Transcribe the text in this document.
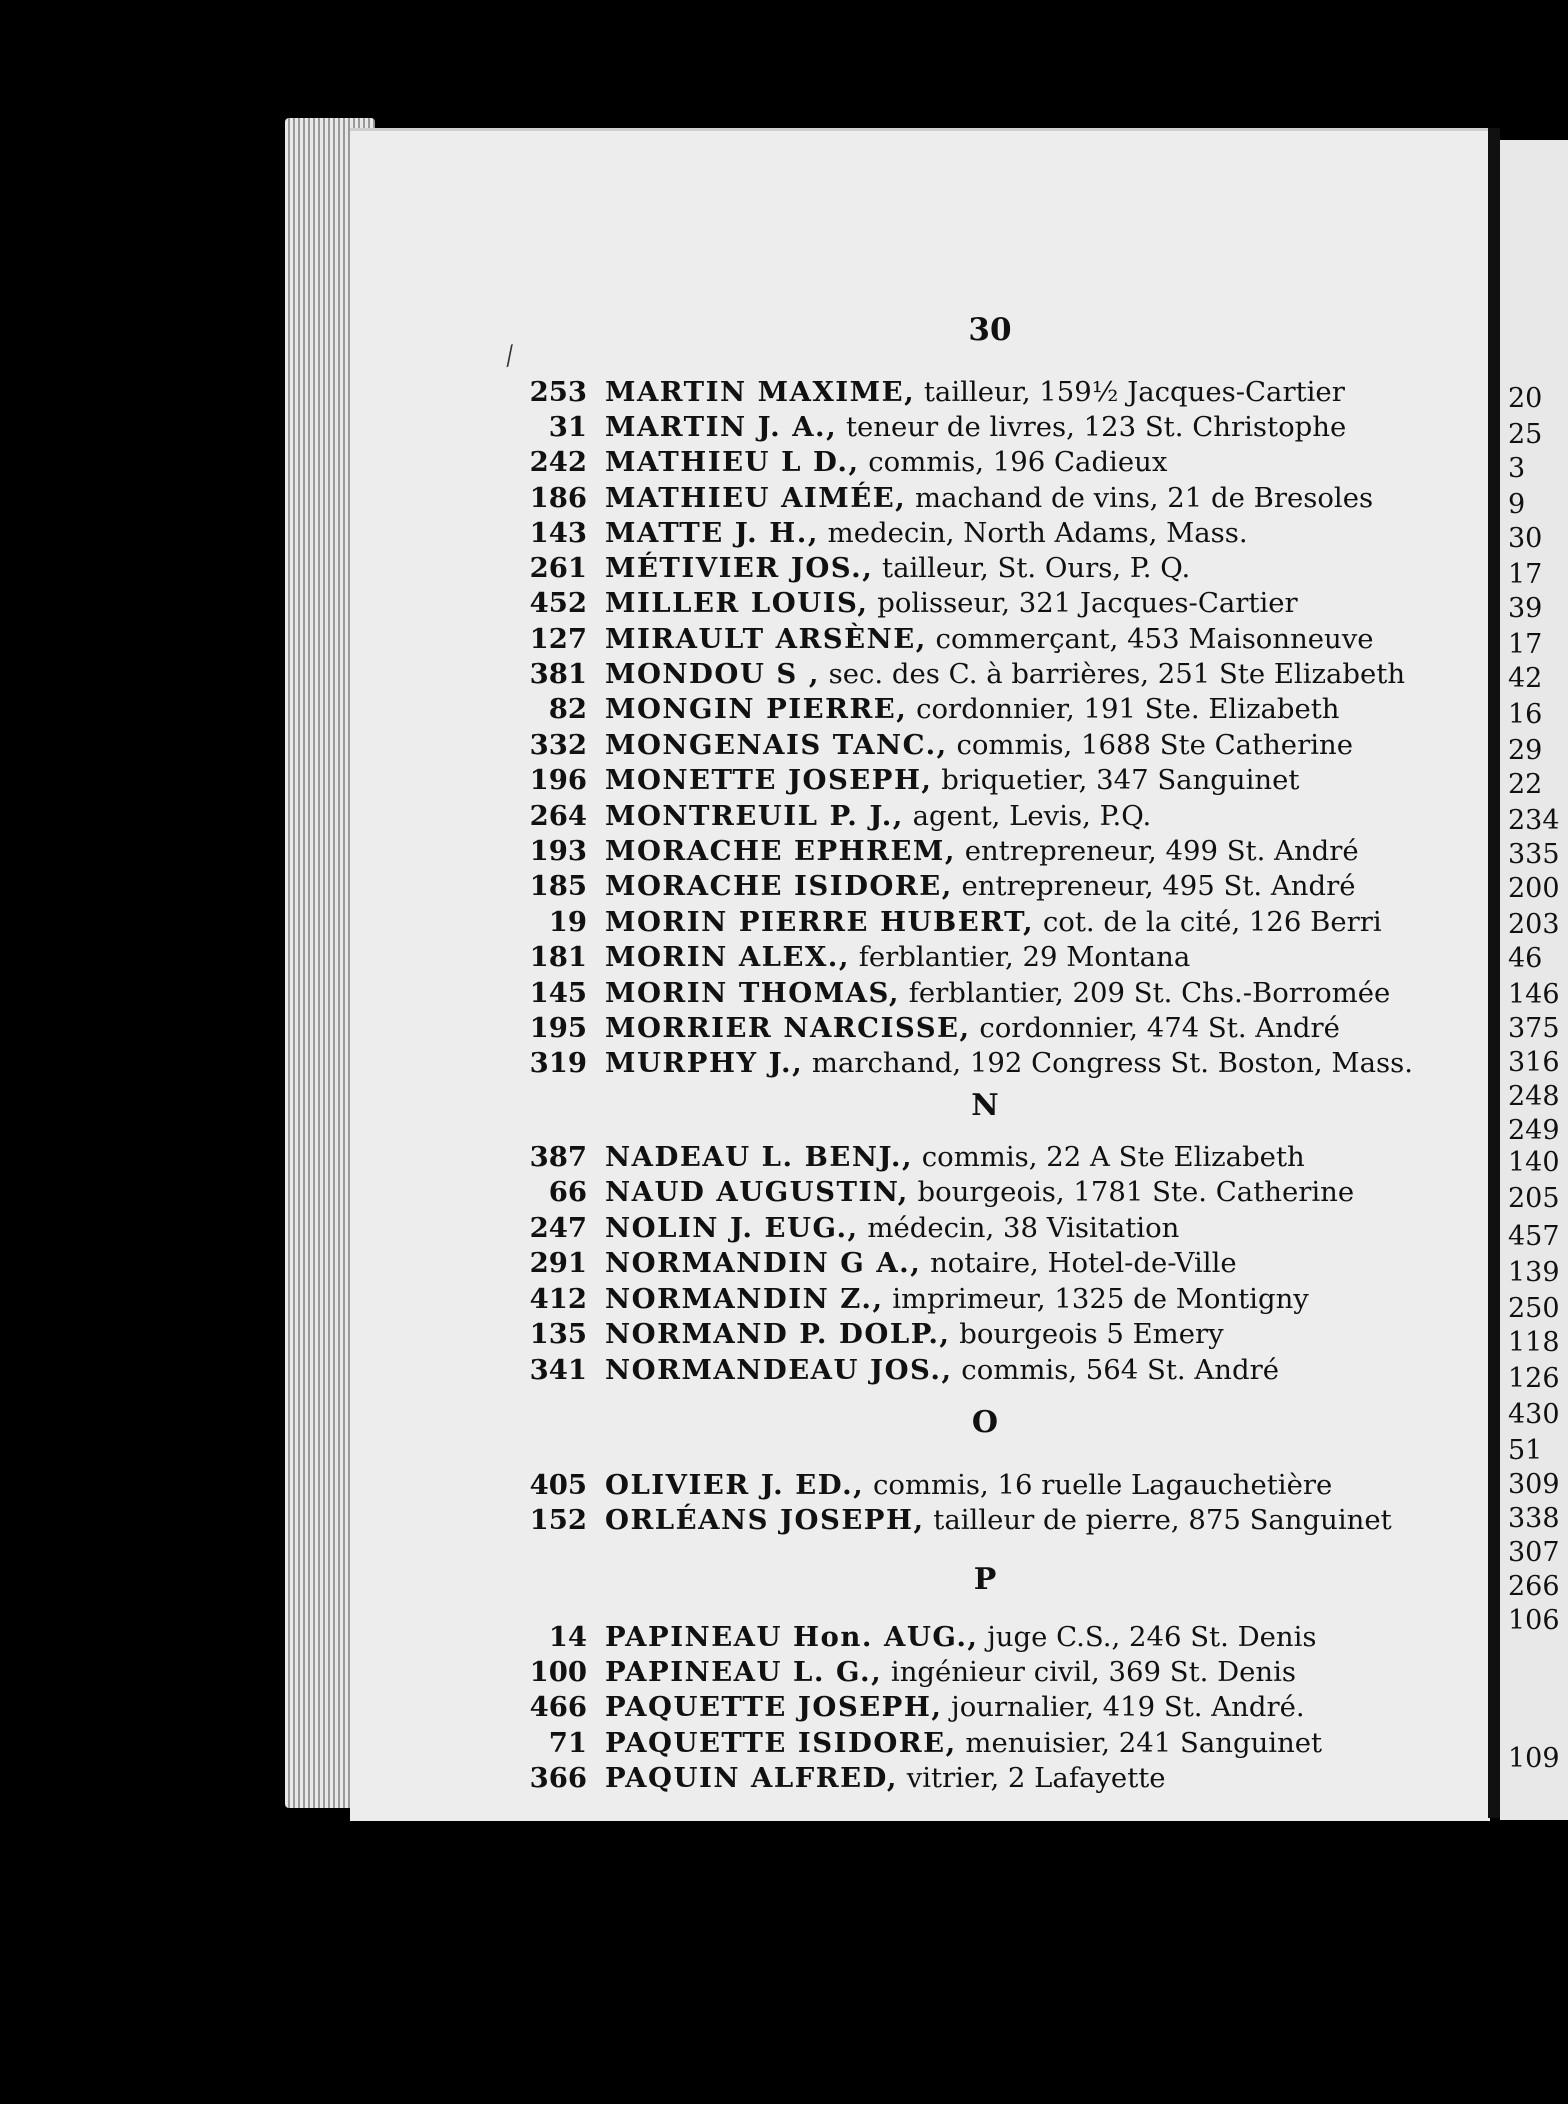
30
⁄
253 MARTIN MAXIME, tailleur, 159½ Jacques-Cartier
31 MARTIN J. A., teneur de livres, 123 St. Christophe
242 MATHIEU L D., commis, 196 Cadieux
186 MATHIEU AIMÉE, machand de vins, 21 de Bresoles
143 MATTE J. H., medecin, North Adams, Mass.
261 MÉTIVIER JOS., tailleur, St. Ours, P. Q.
452 MILLER LOUIS, polisseur, 321 Jacques-Cartier
127 MIRAULT ARSÈNE, commerçant, 453 Maisonneuve
381 MONDOU S , sec. des C. à barrières, 251 Ste Elizabeth
82 MONGIN PIERRE, cordonnier, 191 Ste. Elizabeth
332 MONGENAIS TANC., commis, 1688 Ste Catherine
196 MONETTE JOSEPH, briquetier, 347 Sanguinet
264 MONTREUIL P. J., agent, Levis, P.Q.
193 MORACHE EPHREM, entrepreneur, 499 St. André
185 MORACHE ISIDORE, entrepreneur, 495 St. André
19 MORIN PIERRE HUBERT, cot. de la cité, 126 Berri
181 MORIN ALEX., ferblantier, 29 Montana
145 MORIN THOMAS, ferblantier, 209 St. Chs.-Borromée
195 MORRIER NARCISSE, cordonnier, 474 St. André
319 MURPHY J., marchand, 192 Congress St. Boston, Mass.
387 NADEAU L. BENJ., commis, 22 A Ste Elizabeth
66 NAUD AUGUSTIN, bourgeois, 1781 Ste. Catherine
247 NOLIN J. EUG., médecin, 38 Visitation
291 NORMANDIN G A., notaire, Hotel-de-Ville
412 NORMANDIN Z., imprimeur, 1325 de Montigny
135 NORMAND P. DOLP., bourgeois 5 Emery
341 NORMANDEAU JOS., commis, 564 St. André
405 OLIVIER J. ED., commis, 16 ruelle Lagauchetière
152 ORLÉANS JOSEPH, tailleur de pierre, 875 Sanguinet
14 PAPINEAU Hon. AUG., juge C.S., 246 St. Denis
100 PAPINEAU L. G., ingénieur civil, 369 St. Denis
466 PAQUETTE JOSEPH, journalier, 419 St. André.
71 PAQUETTE ISIDORE, menuisier, 241 Sanguinet
366 PAQUIN ALFRED, vitrier, 2 Lafayette
N
O
P
20
25
3
9
30
17
39
17
42
16
29
22
234
335
200
203
46
146
375
316
248
249
140
205
457
139
250
118
126
430
51
309
338
307
266
106
109
